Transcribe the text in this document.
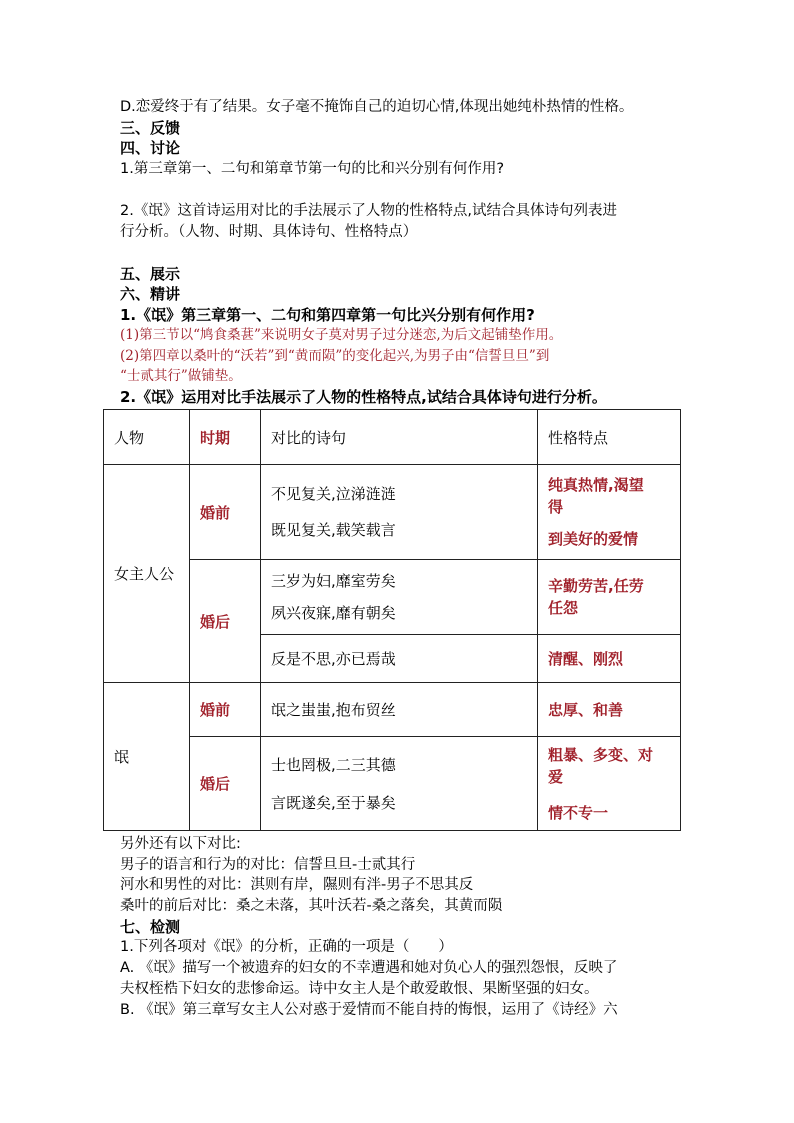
D.恋爱终于有了结果。女子毫不掩饰自己的迫切心情,体现出她纯朴热情的性格。
三、反馈
四、讨论
1.第三章第一、二句和第章节第一句的比和兴分别有何作用?
2.《氓》这首诗运用对比的手法展示了人物的性格特点,试结合具体诗句列表进
行分析。（人物、时期、具体诗句、性格特点）
五、展示
六、精讲
1.《氓》第三章第一、二句和第四章第一句比兴分别有何作用?
(1)第三节以“鸠食桑葚”来说明女子莫对男子过分迷恋,为后文起铺垫作用。
(2)第四章以桑叶的“沃若”到“黄而陨”的变化起兴,为男子由“信誓旦旦”到
“士贰其行”做铺垫。
2.《氓》运用对比手法展示了人物的性格特点,试结合具体诗句进行分析。
人物	时期	对比的诗句	性格特点
女主人公	婚前	不见复关,泣涕涟涟
既见复关,载笑载言	纯真热情,渴望
得
到美好的爱情

	婚后	三岁为妇,靡室劳矣
夙兴夜寐,靡有朝矣	辛勤劳苦,任劳
任怨

		反是不思,亦已焉哉	清醒、刚烈
氓	婚前	氓之蚩蚩,抱布贸丝	忠厚、和善
	婚后	士也罔极,二三其德
言既遂矣,至于暴矣	粗暴、多变、对
爱
情不专一
另外还有以下对比:
男子的语言和行为的对比：信誓旦旦-士贰其行
河水和男性的对比：淇则有岸，隰则有泮-男子不思其反
桑叶的前后对比：桑之未落，其叶沃若-桑之落矣，其黄而陨
七、检测
1.下列各项对《氓》的分析，正确的一项是（　　）
A. 《氓》描写一个被遗弃的妇女的不幸遭遇和她对负心人的强烈怨恨，反映了
夫权桎梏下妇女的悲惨命运。诗中女主人是个敢爱敢恨、果断坚强的妇女。
B. 《氓》第三章写女主人公对惑于爱情而不能自持的悔恨，运用了《诗经》六
